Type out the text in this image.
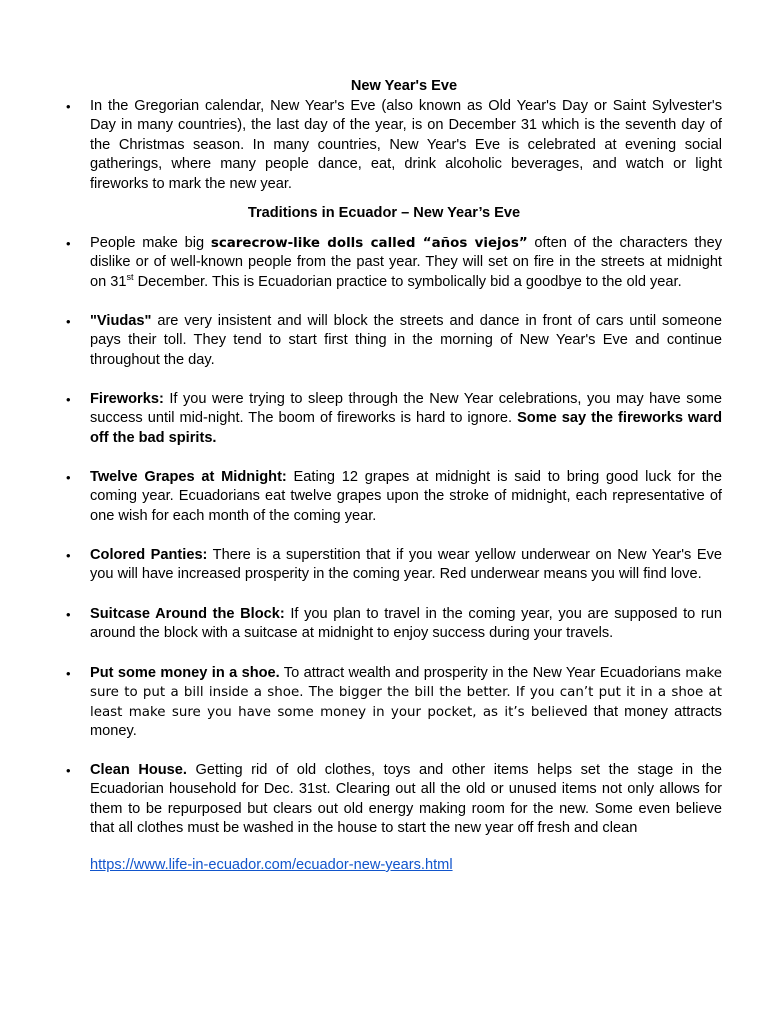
New Year's Eve

• In the Gregorian calendar, New Year's Eve (also known as Old Year's Day or Saint Sylvester's Day in many countries), the last day of the year, is on December 31 which is the seventh day of the Christmas season. In many countries, New Year's Eve is celebrated at evening social gatherings, where many people dance, eat, drink alcoholic beverages, and watch or light fireworks to mark the new year.

Traditions in Ecuador – New Year’s Eve

• People make big scarecrow-like dolls called “años viejos” often of the characters they dislike or of well-known people from the past year. They will set on fire in the streets at midnight on 31st December. This is Ecuadorian practice to symbolically bid a goodbye to the old year.

• "Viudas" are very insistent and will block the streets and dance in front of cars until someone pays their toll. They tend to start first thing in the morning of New Year's Eve and continue throughout the day.

• Fireworks: If you were trying to sleep through the New Year celebrations, you may have some success until mid-night. The boom of fireworks is hard to ignore. Some say the fireworks ward off the bad spirits.

• Twelve Grapes at Midnight: Eating 12 grapes at midnight is said to bring good luck for the coming year. Ecuadorians eat twelve grapes upon the stroke of midnight, each representative of one wish for each month of the coming year.

• Colored Panties: There is a superstition that if you wear yellow underwear on New Year's Eve you will have increased prosperity in the coming year. Red underwear means you will find love.

• Suitcase Around the Block: If you plan to travel in the coming year, you are supposed to run around the block with a suitcase at midnight to enjoy success during your travels.

• Put some money in a shoe. To attract wealth and prosperity in the New Year Ecuadorians make sure to put a bill inside a shoe. The bigger the bill the better. If you can’t put it in a shoe at least make sure you have some money in your pocket, as it’s believed that money attracts money.

• Clean House. Getting rid of old clothes, toys and other items helps set the stage in the Ecuadorian household for Dec. 31st. Clearing out all the old or unused items not only allows for them to be repurposed but clears out old energy making room for the new. Some even believe that all clothes must be washed in the house to start the new year off fresh and clean

https://www.life-in-ecuador.com/ecuador-new-years.html
